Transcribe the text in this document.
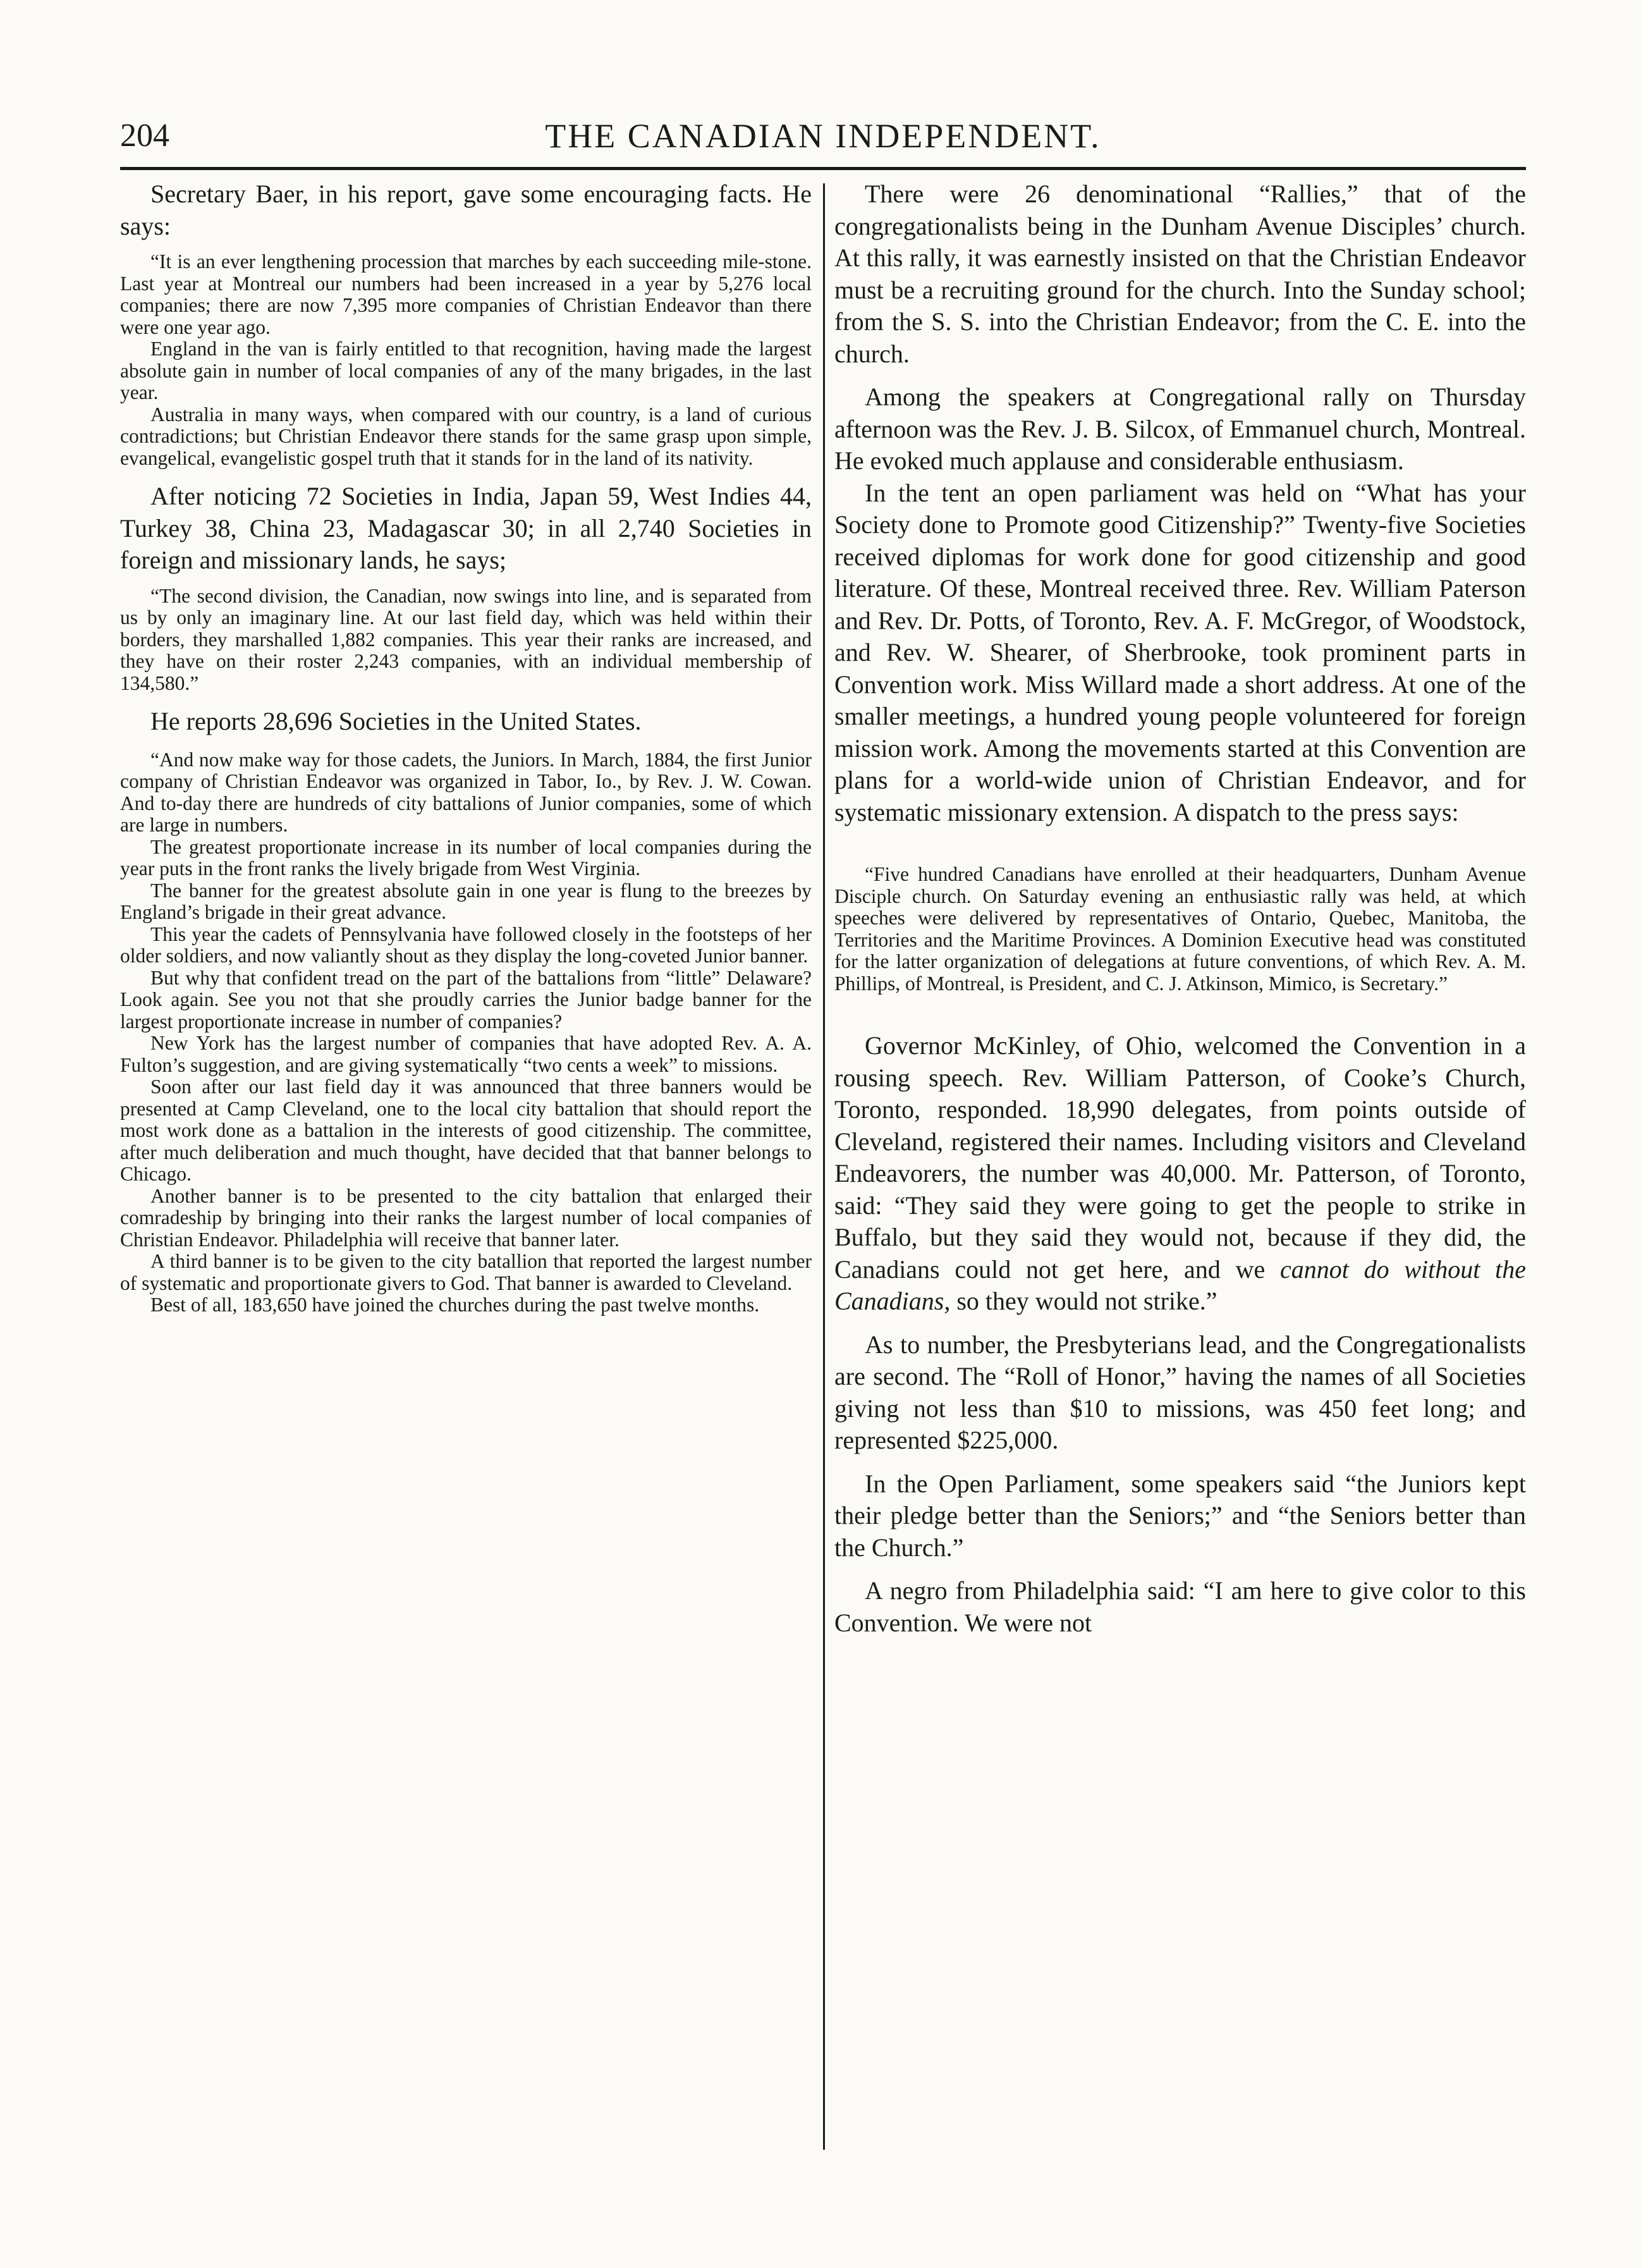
204	THE CANADIAN INDEPENDENT.

Secretary Baer, in his report, gave some encouraging facts. He says:

“It is an ever lengthening procession that marches by each succeeding mile-stone. Last year at Montreal our numbers had been increased in a year by 5,276 local companies; there are now 7,395 more companies of Christian Endeavor than there were one year ago.

England in the van is fairly entitled to that recognition, having made the largest absolute gain in number of local companies of any of the many brigades, in the last year.

Australia in many ways, when compared with our country, is a land of curious contradictions; but Christian Endeavor there stands for the same grasp upon simple, evangelical, evangelistic gospel truth that it stands for in the land of its nativity.

After noticing 72 Societies in India, Japan 59, West Indies 44, Turkey 38, China 23, Madagascar 30; in all 2,740 Societies in foreign and missionary lands, he says;

“The second division, the Canadian, now swings into line, and is separated from us by only an imaginary line. At our last field day, which was held within their borders, they marshalled 1,882 companies. This year their ranks are increased, and they have on their roster 2,243 companies, with an individual membership of 134,580.”

He reports 28,696 Societies in the United States.

“And now make way for those cadets, the Juniors. In March, 1884, the first Junior company of Christian Endeavor was organized in Tabor, Io., by Rev. J. W. Cowan. And to-day there are hundreds of city battalions of Junior companies, some of which are large in numbers.

The greatest proportionate increase in its number of local companies during the year puts in the front ranks the lively brigade from West Virginia.

The banner for the greatest absolute gain in one year is flung to the breezes by England’s brigade in their great advance.

This year the cadets of Pennsylvania have followed closely in the footsteps of her older soldiers, and now valiantly shout as they display the long-coveted Junior banner.

But why that confident tread on the part of the battalions from “little” Delaware? Look again. See you not that she proudly carries the Junior badge banner for the largest proportionate increase in number of companies?

New York has the largest number of companies that have adopted Rev. A. A. Fulton’s suggestion, and are giving systematically “two cents a week” to missions.

Soon after our last field day it was announced that three banners would be presented at Camp Cleveland, one to the local city battalion that should report the most work done as a battalion in the interests of good citizenship. The committee, after much deliberation and much thought, have decided that that banner belongs to Chicago.

Another banner is to be presented to the city battalion that enlarged their comradeship by bringing into their ranks the largest number of local companies of Christian Endeavor. Philadelphia will receive that banner later.

A third banner is to be given to the city batallion that reported the largest number of systematic and proportionate givers to God. That banner is awarded to Cleveland.

Best of all, 183,650 have joined the churches during the past twelve months.

There were 26 denominational “Rallies,” that of the congregationalists being in the Dunham Avenue Disciples’ church. At this rally, it was earnestly insisted on that the Christian Endeavor must be a recruiting ground for the church. Into the Sunday school; from the S. S. into the Christian Endeavor; from the C. E. into the church.

Among the speakers at Congregational rally on Thursday afternoon was the Rev. J. B. Silcox, of Emmanuel church, Montreal. He evoked much applause and considerable enthusiasm.

In the tent an open parliament was held on “What has your Society done to Promote good Citizenship?” Twenty-five Societies received diplomas for work done for good citizenship and good literature. Of these, Montreal received three. Rev. William Paterson and Rev. Dr. Potts, of Toronto, Rev. A. F. McGregor, of Woodstock, and Rev. W. Shearer, of Sherbrooke, took prominent parts in Convention work. Miss Willard made a short address. At one of the smaller meetings, a hundred young people volunteered for foreign mission work. Among the movements started at this Convention are plans for a world-wide union of Christian Endeavor, and for systematic missionary extension. A dispatch to the press says:

“Five hundred Canadians have enrolled at their headquarters, Dunham Avenue Disciple church. On Saturday evening an enthusiastic rally was held, at which speeches were delivered by representatives of Ontario, Quebec, Manitoba, the Territories and the Maritime Provinces. A Dominion Executive head was constituted for the latter organization of delegations at future conventions, of which Rev. A. M. Phillips, of Montreal, is President, and C. J. Atkinson, Mimico, is Secretary.”

Governor McKinley, of Ohio, welcomed the Convention in a rousing speech. Rev. William Patterson, of Cooke’s Church, Toronto, responded. 18,990 delegates, from points outside of Cleveland, registered their names. Including visitors and Cleveland Endeavorers, the number was 40,000. Mr. Patterson, of Toronto, said: “They said they were going to get the people to strike in Buffalo, but they said they would not, because if they did, the Canadians could not get here, and we cannot do without the Canadians, so they would not strike.”

As to number, the Presbyterians lead, and the Congregationalists are second. The “Roll of Honor,” having the names of all Societies giving not less than $10 to missions, was 450 feet long; and represented $225,000.

In the Open Parliament, some speakers said “the Juniors kept their pledge better than the Seniors;” and “the Seniors better than the Church.”

A negro from Philadelphia said: “I am here to give color to this Convention. We were not
